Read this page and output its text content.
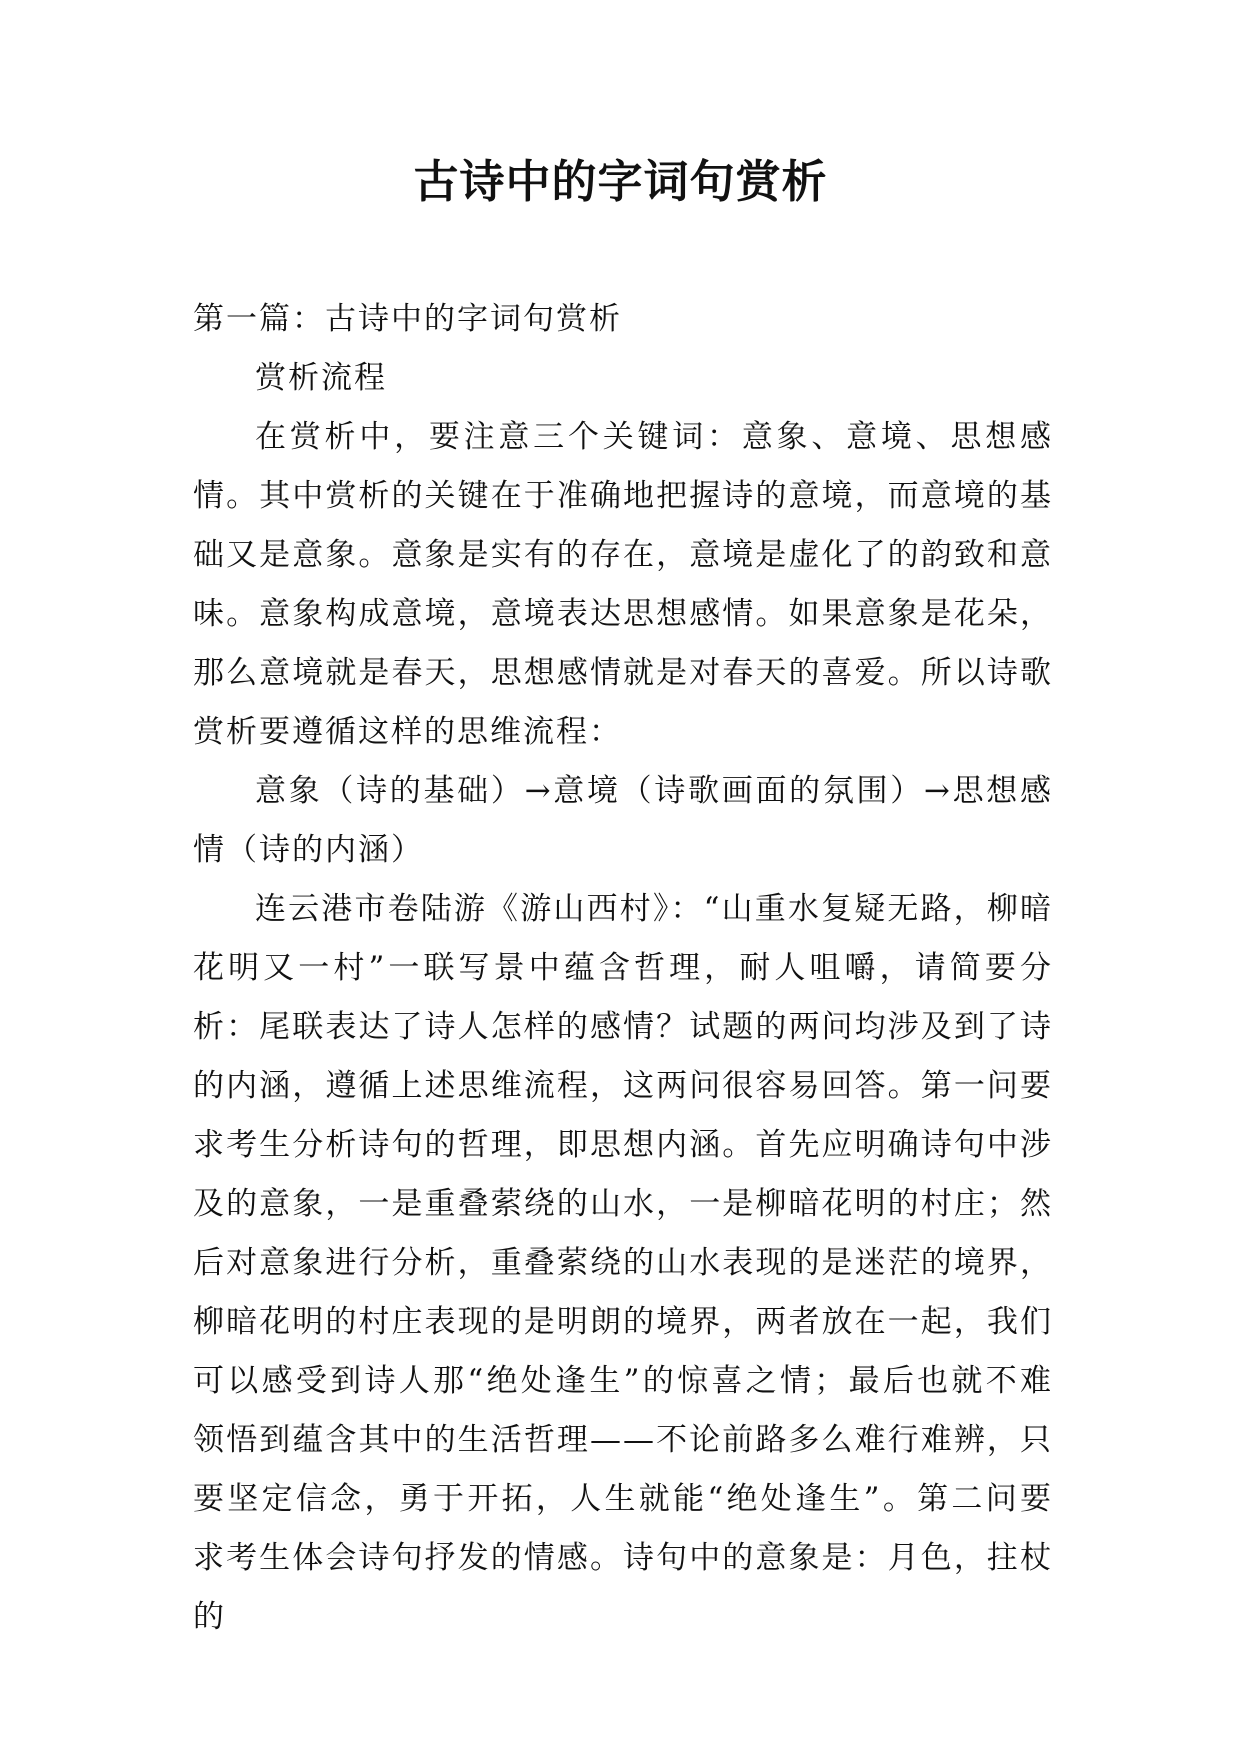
古诗中的字词句赏析

第一篇：古诗中的字词句赏析

赏析流程

在赏析中，要注意三个关键词：意象、意境、思想感情。其中赏析的关键在于准确地把握诗的意境，而意境的基础又是意象。意象是实有的存在，意境是虚化了的韵致和意味。意象构成意境，意境表达思想感情。如果意象是花朵，那么意境就是春天，思想感情就是对春天的喜爱。所以诗歌赏析要遵循这样的思维流程：

意象（诗的基础）→意境（诗歌画面的氛围）→思想感情（诗的内涵）

连云港市卷陆游《游山西村》：“山重水复疑无路，柳暗花明又一村”一联写景中蕴含哲理，耐人咀嚼，请简要分析：尾联表达了诗人怎样的感情？试题的两问均涉及到了诗的内涵，遵循上述思维流程，这两问很容易回答。第一问要求考生分析诗句的哲理，即思想内涵。首先应明确诗句中涉及的意象，一是重叠萦绕的山水，一是柳暗花明的村庄；然后对意象进行分析，重叠萦绕的山水表现的是迷茫的境界，柳暗花明的村庄表现的是明朗的境界，两者放在一起，我们可以感受到诗人那“绝处逢生”的惊喜之情；最后也就不难领悟到蕴含其中的生活哲理——不论前路多么难行难辨，只要坚定信念，勇于开拓，人生就能“绝处逢生”。第二问要求考生体会诗句抒发的情感。诗句中的意象是：月色，拄杖的
